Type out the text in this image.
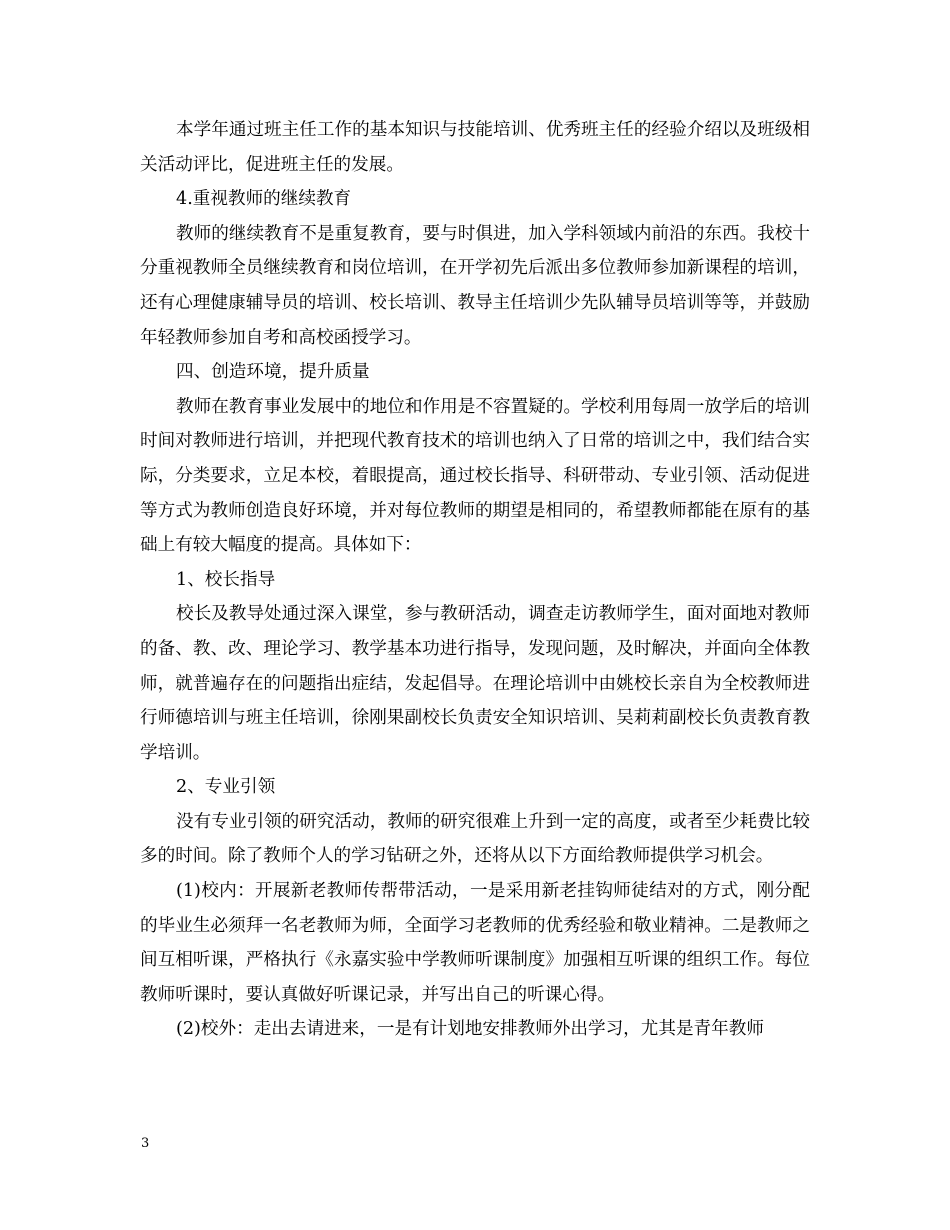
本学年通过班主任工作的基本知识与技能培训、优秀班主任的经验介绍以及班级相关活动评比，促进班主任的发展。

4.重视教师的继续教育

教师的继续教育不是重复教育，要与时俱进，加入学科领域内前沿的东西。我校十分重视教师全员继续教育和岗位培训，在开学初先后派出多位教师参加新课程的培训，还有心理健康辅导员的培训、校长培训、教导主任培训少先队辅导员培训等等，并鼓励年轻教师参加自考和高校函授学习。

四、创造环境，提升质量

教师在教育事业发展中的地位和作用是不容置疑的。学校利用每周一放学后的培训时间对教师进行培训，并把现代教育技术的培训也纳入了日常的培训之中，我们结合实际，分类要求，立足本校，着眼提高，通过校长指导、科研带动、专业引领、活动促进等方式为教师创造良好环境，并对每位教师的期望是相同的，希望教师都能在原有的基础上有较大幅度的提高。具体如下：

1、校长指导

校长及教导处通过深入课堂，参与教研活动，调查走访教师学生，面对面地对教师的备、教、改、理论学习、教学基本功进行指导，发现问题，及时解决，并面向全体教师，就普遍存在的问题指出症结，发起倡导。在理论培训中由姚校长亲自为全校教师进行师德培训与班主任培训，徐刚果副校长负责安全知识培训、吴莉莉副校长负责教育教学培训。

2、专业引领

没有专业引领的研究活动，教师的研究很难上升到一定的高度，或者至少耗费比较多的时间。除了教师个人的学习钻研之外，还将从以下方面给教师提供学习机会。

(1)校内：开展新老教师传帮带活动，一是采用新老挂钩师徒结对的方式，刚分配的毕业生必须拜一名老教师为师，全面学习老教师的优秀经验和敬业精神。二是教师之间互相听课，严格执行《永嘉实验中学教师听课制度》加强相互听课的组织工作。每位教师听课时，要认真做好听课记录，并写出自己的听课心得。

(2)校外：走出去请进来，一是有计划地安排教师外出学习，尤其是青年教师

3
